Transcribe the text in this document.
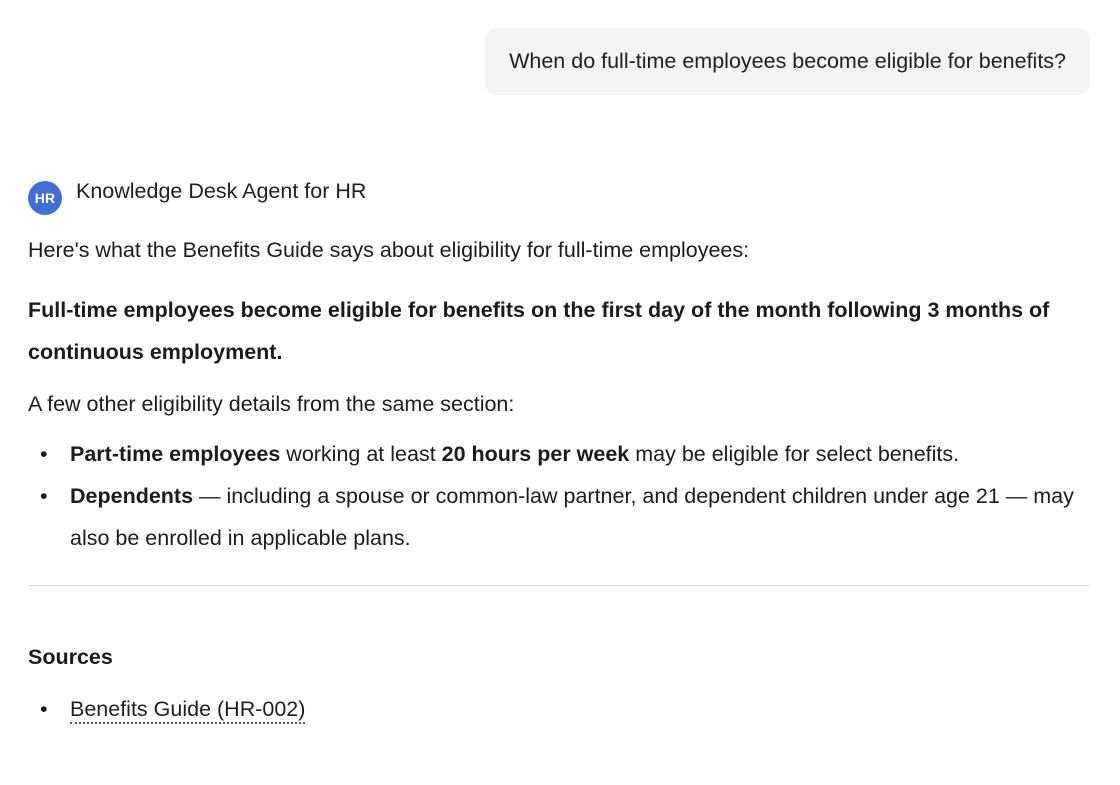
When do full-time employees become eligible for benefits?
HR Knowledge Desk Agent for HR
Here's what the Benefits Guide says about eligibility for full-time employees:
Full-time employees become eligible for benefits on the first day of the month following 3 months of continuous employment.
A few other eligibility details from the same section:
• Part-time employees working at least 20 hours per week may be eligible for select benefits.
• Dependents — including a spouse or common-law partner, and dependent children under age 21 — may also be enrolled in applicable plans.
Sources
• Benefits Guide (HR-002)
